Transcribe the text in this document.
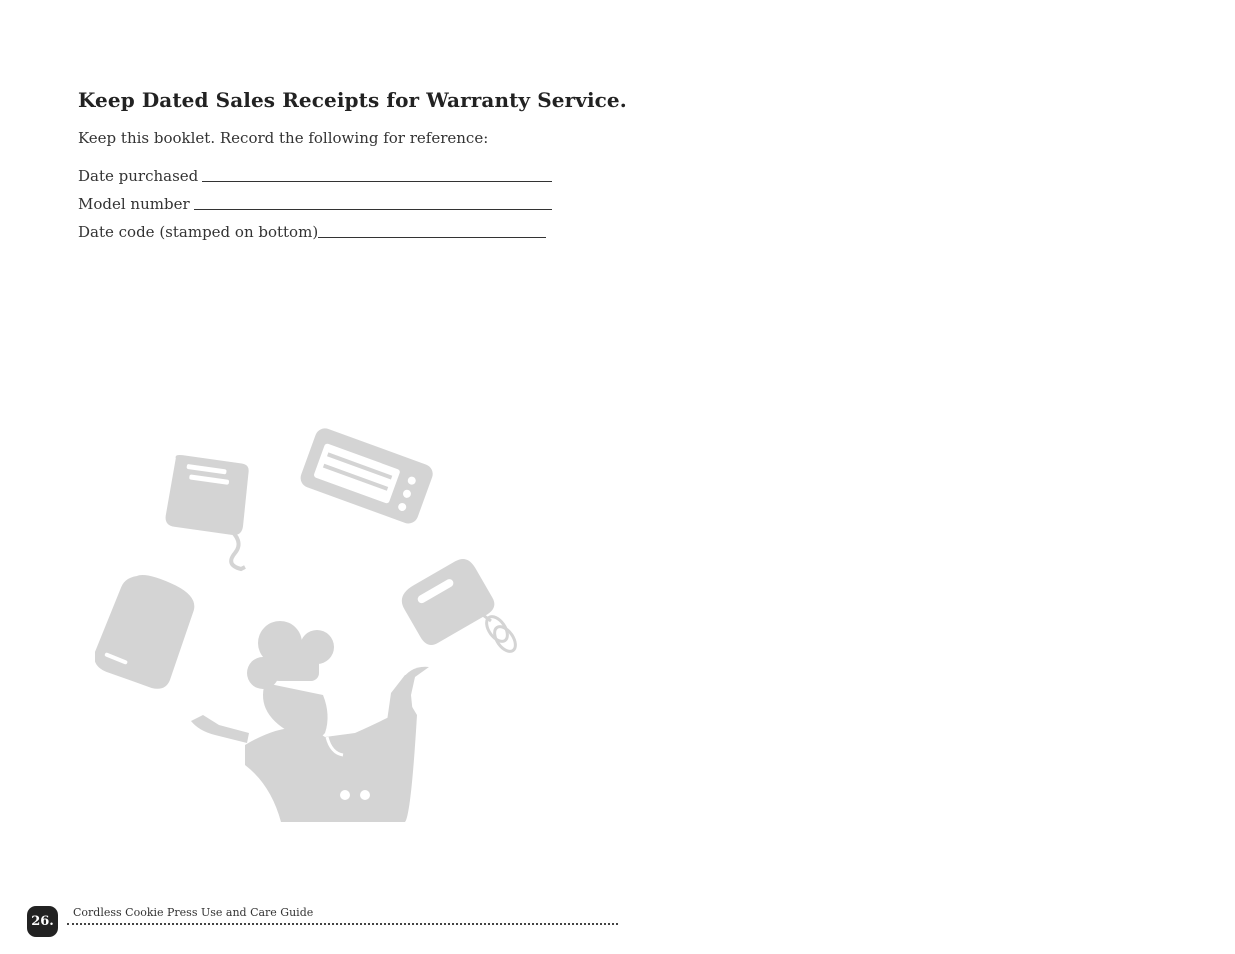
Keep Dated Sales Receipts for Warranty Service.

Keep this booklet. Record the following for reference:

Date purchased
Model number
Date code (stamped on bottom)
26.
Cordless Cookie Press Use and Care Guide
